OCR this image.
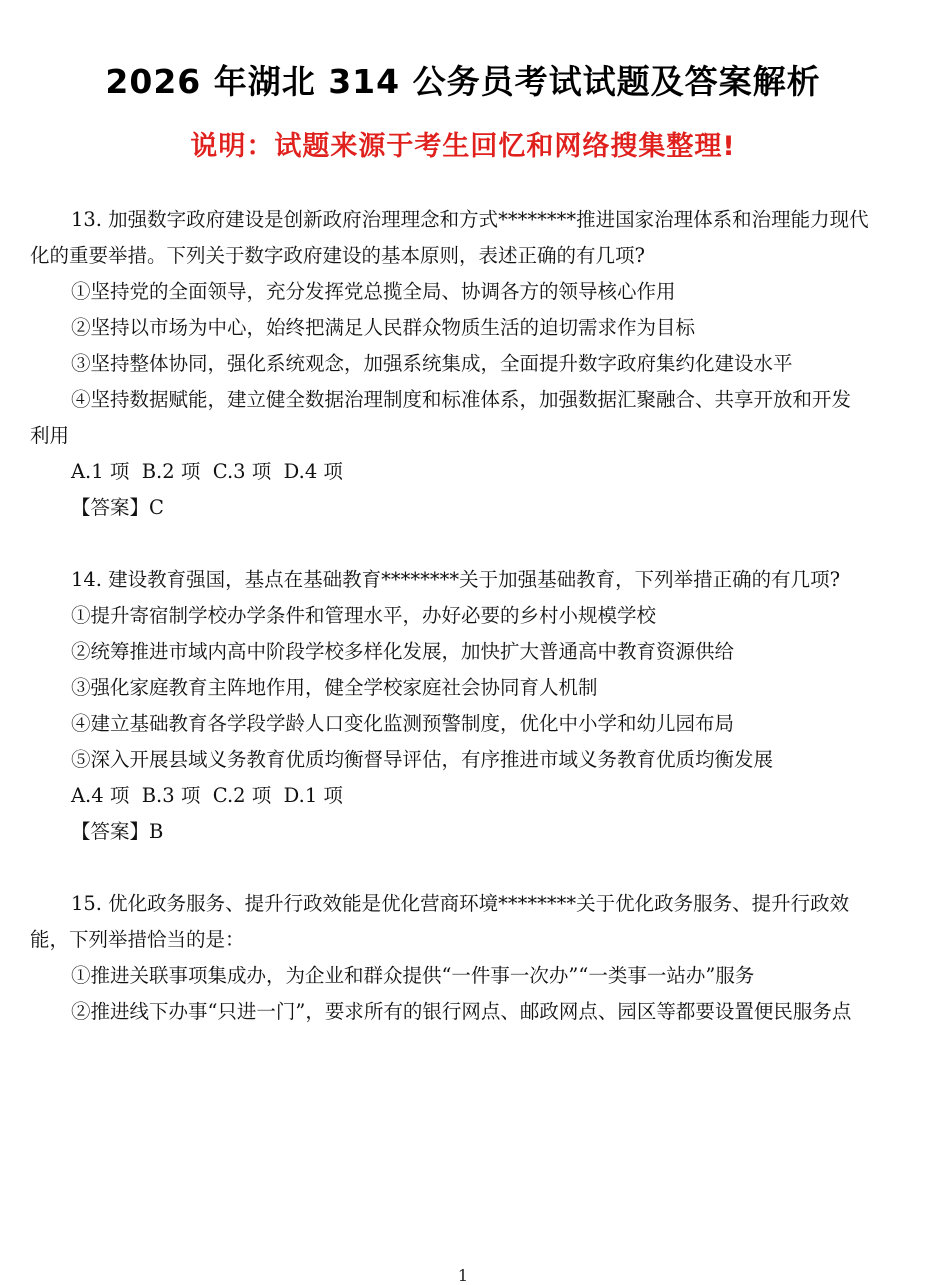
2026 年湖北 314 公务员考试试题及答案解析
说明：试题来源于考生回忆和网络搜集整理!

13. 加强数字政府建设是创新政府治理理念和方式********推进国家治理体系和治理能力现代化的重要举措。下列关于数字政府建设的基本原则，表述正确的有几项?

①坚持党的全面领导，充分发挥党总揽全局、协调各方的领导核心作用

②坚持以市场为中心，始终把满足人民群众物质生活的迫切需求作为目标

③坚持整体协同，强化系统观念，加强系统集成，全面提升数字政府集约化建设水平

④坚持数据赋能，建立健全数据治理制度和标准体系，加强数据汇聚融合、共享开放和开发利用

A.1 项  B.2 项  C.3 项  D.4 项

【答案】C

14. 建设教育强国，基点在基础教育********关于加强基础教育，下列举措正确的有几项?

①提升寄宿制学校办学条件和管理水平，办好必要的乡村小规模学校

②统筹推进市域内高中阶段学校多样化发展，加快扩大普通高中教育资源供给

③强化家庭教育主阵地作用，健全学校家庭社会协同育人机制

④建立基础教育各学段学龄人口变化监测预警制度，优化中小学和幼儿园布局

⑤深入开展县域义务教育优质均衡督导评估，有序推进市域义务教育优质均衡发展

A.4 项  B.3 项  C.2 项  D.1 项

【答案】B

15. 优化政务服务、提升行政效能是优化营商环境********关于优化政务服务、提升行政效能，下列举措恰当的是：

①推进关联事项集成办，为企业和群众提供“一件事一次办”“一类事一站办”服务

②推进线下办事“只进一门”，要求所有的银行网点、邮政网点、园区等都要设置便民服务点

1
